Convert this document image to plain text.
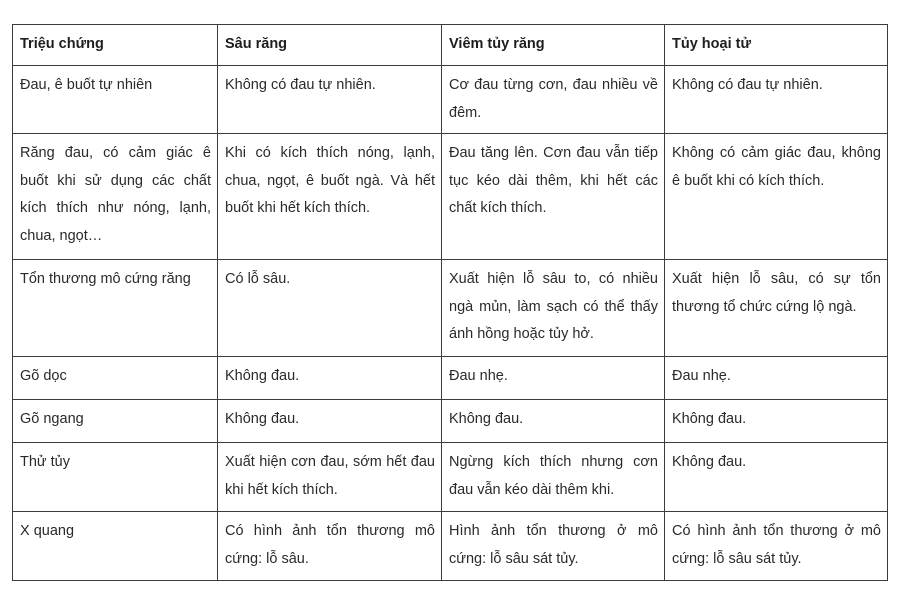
Triệu chứng	Sâu răng	Viêm tủy răng	Tủy hoại tử
Đau, ê buốt tự nhiên	Không có đau tự nhiên.	Cơ đau từng cơn, đau nhiều về đêm.	Không có đau tự nhiên.
Răng đau, có cảm giác ê buốt khi sử dụng các chất kích thích như nóng, lạnh, chua, ngọt…	Khi có kích thích nóng, lạnh, chua, ngọt, ê buốt ngà. Và hết buốt khi hết kích thích.	Đau tăng lên. Cơn đau vẫn tiếp tục kéo dài thêm, khi hết các chất kích thích.	Không có cảm giác đau, không ê buốt khi có kích thích.
Tổn thương mô cứng răng	Có lỗ sâu.	Xuất hiện lỗ sâu to, có nhiều ngà mủn, làm sạch có thể thấy ánh hồng hoặc tủy hở.	Xuất hiện lỗ sâu, có sự tổn thương tổ chức cứng lộ ngà.
Gõ dọc	Không đau.	Đau nhẹ.	Đau nhẹ.
Gõ ngang	Không đau.	Không đau.	Không đau.
Thử tủy	Xuất hiện cơn đau, sớm hết đau khi hết kích thích.	Ngừng kích thích nhưng cơn đau vẫn kéo dài thêm khi.	Không đau.
X quang	Có hình ảnh tổn thương mô cứng: lỗ sâu.	Hình ảnh tổn thương ở mô cứng: lỗ sâu sát tủy.	Có hình ảnh tổn thương ở mô cứng: lỗ sâu sát tủy.
